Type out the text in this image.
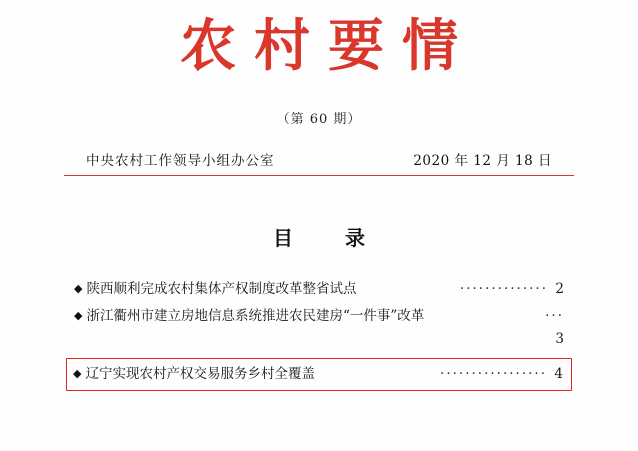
农村要情
（第 60 期）
中央农村工作领导小组办公室	2020 年 12 月 18 日
目　录
◆ 陕西顺利完成农村集体产权制度改革整省试点	·············· 2
◆ 浙江衢州市建立房地信息系统推进农民建房“一件事”改革	···
3
◆ 辽宁实现农村产权交易服务乡村全覆盖	················· 4
